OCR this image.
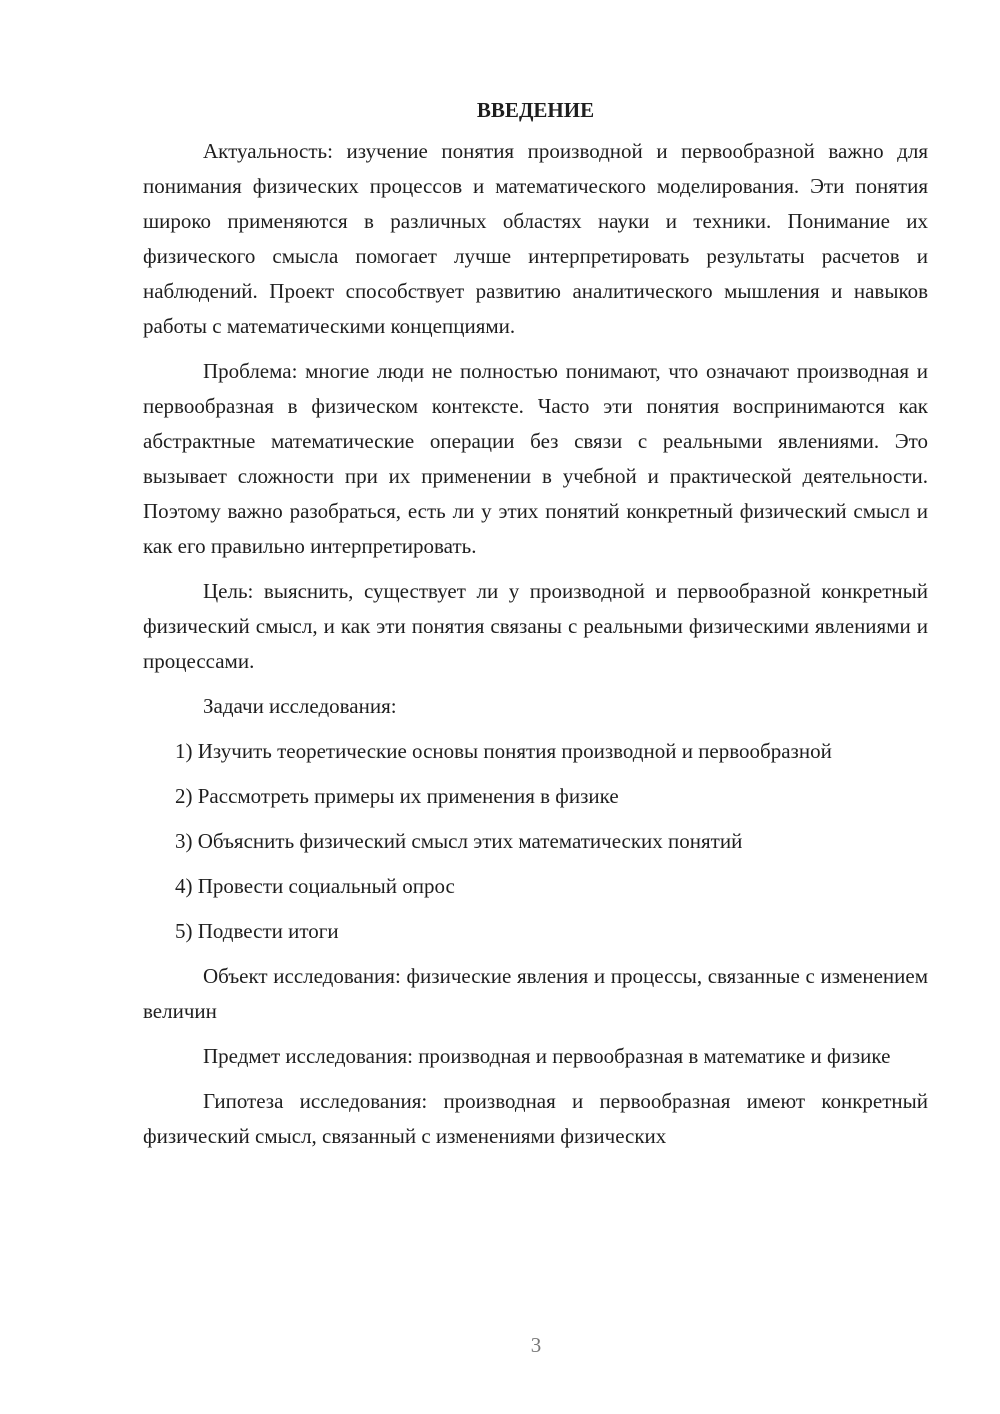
ВВЕДЕНИЕ

Актуальность: изучение понятия производной и первообразной важно для понимания физических процессов и математического моделирования. Эти понятия широко применяются в различных областях науки и техники. Понимание их физического смысла помогает лучше интерпретировать результаты расчетов и наблюдений. Проект способствует развитию аналитического мышления и навыков работы с математическими концепциями.

Проблема: многие люди не полностью понимают, что означают производная и первообразная в физическом контексте. Часто эти понятия воспринимаются как абстрактные математические операции без связи с реальными явлениями. Это вызывает сложности при их применении в учебной и практической деятельности. Поэтому важно разобраться, есть ли у этих понятий конкретный физический смысл и как его правильно интерпретировать.

Цель: выяснить, существует ли у производной и первообразной конкретный физический смысл, и как эти понятия связаны с реальными физическими явлениями и процессами.

Задачи исследования:

1) Изучить теоретические основы понятия производной и первообразной

2) Рассмотреть примеры их применения в физике

3) Объяснить физический смысл этих математических понятий

4) Провести социальный опрос

5) Подвести итоги

Объект исследования: физические явления и процессы, связанные с изменением величин

Предмет исследования: производная и первообразная в математике и физике

Гипотеза исследования: производная и первообразная имеют конкретный физический смысл, связанный с изменениями физических

3
